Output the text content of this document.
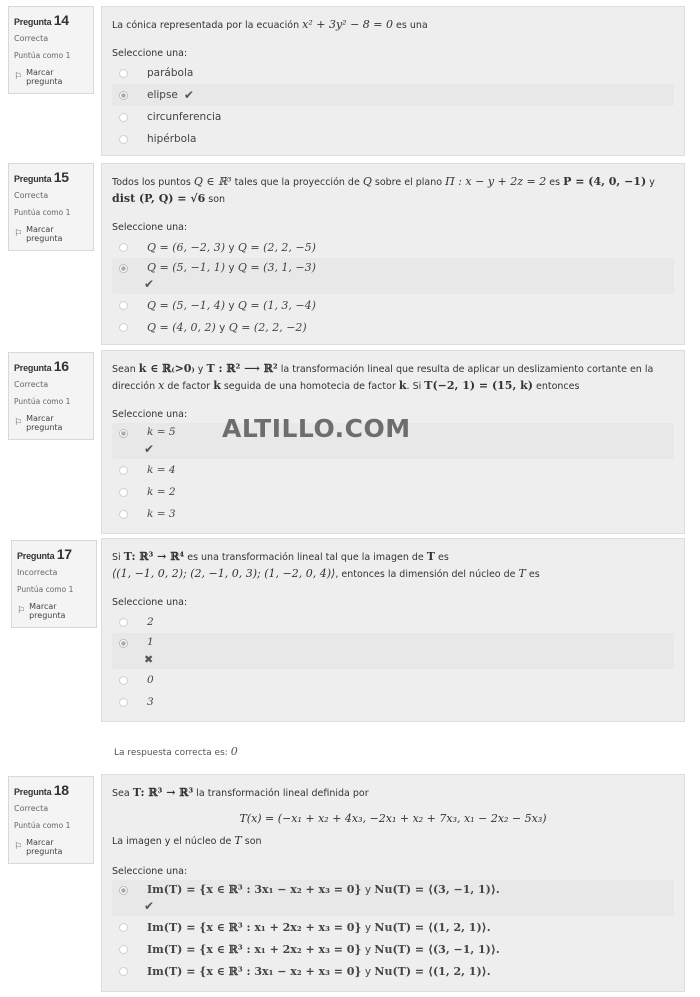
Pregunta 14
Correcta
Puntúa como 1
⚐ Marcar pregunta
La cónica representada por la ecuación x² + 3y² − 8 = 0 es una
Seleccione una:
parábola
elipse ✔
circunferencia
hipérbola
Pregunta 15
Correcta
Puntúa como 1
⚐ Marcar pregunta
Todos los puntos Q ∈ ℝ³ tales que la proyección de Q sobre el plano Π : x − y + 2z = 2 es P = (4, 0, −1) y
dist (P, Q) = √6 son
Seleccione una:
Q = (6, −2, 3) y Q = (2, 2, −5)
Q = (5, −1, 1) y Q = (3, 1, −3)
✔
Q = (5, −1, 4) y Q = (1, 3, −4)
Q = (4, 0, 2) y Q = (2, 2, −2)
Pregunta 16
Correcta
Puntúa como 1
⚐ Marcar pregunta
Sean k ∈ ℝ₍>0₎ y T : ℝ² ⟶ ℝ² la transformación lineal que resulta de aplicar un deslizamiento cortante en la dirección x de factor k seguida de una homotecia de factor k. Si T(−2, 1) = (15, k) entonces
Seleccione una:
k = 5
✔
k = 4
k = 2
k = 3
ALTILLO.COM
Pregunta 17
Incorrecta
Puntúa como 1
⚐ Marcar pregunta
Si T: ℝ³ → ℝ⁴ es una transformación lineal tal que la imagen de T es
⟨(1, −1, 0, 2); (2, −1, 0, 3); (1, −2, 0, 4)⟩, entonces la dimensión del núcleo de T es
Seleccione una:
2
1
✖
0
3
La respuesta correcta es: 0
Pregunta 18
Correcta
Puntúa como 1
⚐ Marcar pregunta
Sea T: ℝ³ → ℝ³ la transformación lineal definida por
T(x) = (−x₁ + x₂ + 4x₃, −2x₁ + x₂ + 7x₃, x₁ − 2x₂ − 5x₃)
La imagen y el núcleo de T son
Seleccione una:
Im(T) = {x ∈ ℝ³ : 3x₁ − x₂ + x₃ = 0} y Nu(T) = ⟨(3, −1, 1)⟩.
✔
Im(T) = {x ∈ ℝ³ : x₁ + 2x₂ + x₃ = 0} y Nu(T) = ⟨(1, 2, 1)⟩.
Im(T) = {x ∈ ℝ³ : x₁ + 2x₂ + x₃ = 0} y Nu(T) = ⟨(3, −1, 1)⟩.
Im(T) = {x ∈ ℝ³ : 3x₁ − x₂ + x₃ = 0} y Nu(T) = ⟨(1, 2, 1)⟩.
